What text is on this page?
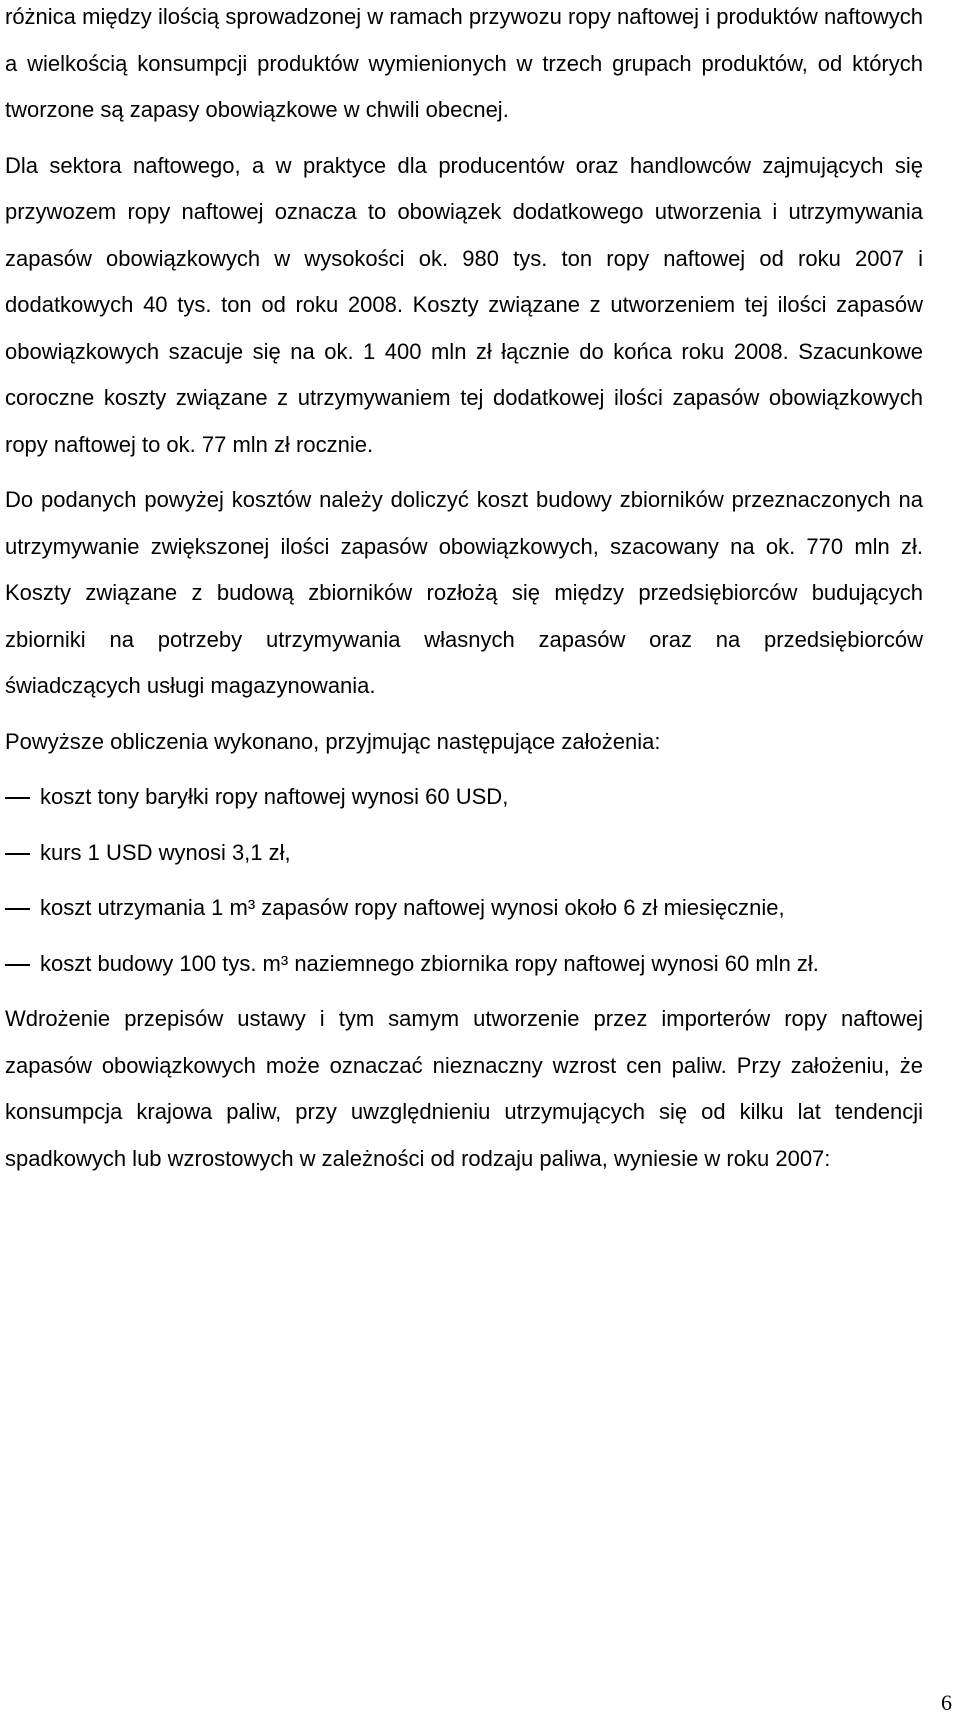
różnica między ilością sprowadzonej w ramach przywozu ropy naftowej i produktów naftowych a wielkością konsumpcji produktów wymienionych w trzech grupach produktów, od których tworzone są zapasy obowiązkowe w chwili obecnej.

Dla sektora naftowego, a w praktyce dla producentów oraz handlowców zajmujących się przywozem ropy naftowej oznacza to obowiązek dodatkowego utworzenia i utrzymywania zapasów obowiązkowych w wysokości ok. 980 tys. ton ropy naftowej od roku 2007 i dodatkowych 40 tys. ton od roku 2008. Koszty związane z utworzeniem tej ilości zapasów obowiązkowych szacuje się na ok. 1 400 mln zł łącznie do końca roku 2008. Szacunkowe coroczne koszty związane z utrzymywaniem tej dodatkowej ilości zapasów obowiązkowych ropy naftowej to ok. 77 mln zł rocznie.

Do podanych powyżej kosztów należy doliczyć koszt budowy zbiorników przeznaczonych na utrzymywanie zwiększonej ilości zapasów obowiązkowych, szacowany na ok. 770 mln zł. Koszty związane z budową zbiorników rozłożą się między przedsiębiorców budujących zbiorniki na potrzeby utrzymywania własnych zapasów oraz na przedsiębiorców świadczących usługi magazynowania.

Powyższe obliczenia wykonano, przyjmując następujące założenia:

koszt tony baryłki ropy naftowej wynosi 60 USD,
kurs 1 USD wynosi 3,1 zł,
koszt utrzymania 1 m³ zapasów ropy naftowej wynosi około 6 zł miesięcznie,
koszt budowy 100 tys. m³ naziemnego zbiornika ropy naftowej wynosi 60 mln zł.

Wdrożenie przepisów ustawy i tym samym utworzenie przez importerów ropy naftowej zapasów obowiązkowych może oznaczać nieznaczny wzrost cen paliw. Przy założeniu, że konsumpcja krajowa paliw, przy uwzględnieniu utrzymujących się od kilku lat tendencji spadkowych lub wzrostowych w zależności od rodzaju paliwa, wyniesie w roku 2007:

6
